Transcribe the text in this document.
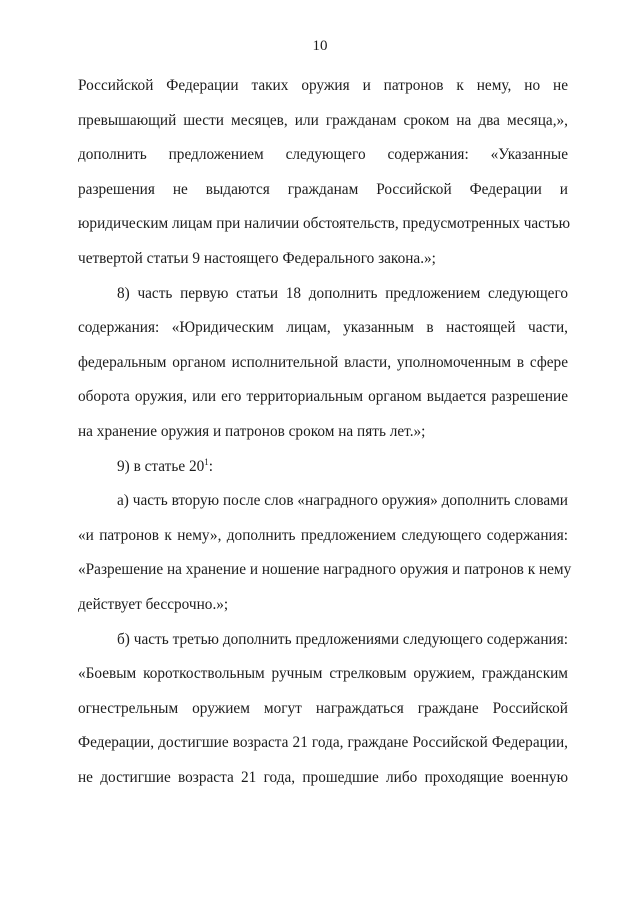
10
Российской Федерации таких оружия и патронов к нему, но не
превышающий шести месяцев, или гражданам сроком на два месяца,»,
дополнить предложением следующего содержания: «Указанные
разрешения не выдаются гражданам Российской Федерации и
юридическим лицам при наличии обстоятельств, предусмотренных частью
четвертой статьи 9 настоящего Федерального закона.»;
8) часть первую статьи 18 дополнить предложением следующего
содержания: «Юридическим лицам, указанным в настоящей части,
федеральным органом исполнительной власти, уполномоченным в сфере
оборота оружия, или его территориальным органом выдается разрешение
на хранение оружия и патронов сроком на пять лет.»;
9) в статье $20^1$:
а) часть вторую после слов «наградного оружия» дополнить словами
«и патронов к нему», дополнить предложением следующего содержания:
«Разрешение на хранение и ношение наградного оружия и патронов к нему
действует бессрочно.»;
б) часть третью дополнить предложениями следующего содержания:
«Боевым короткоствольным ручным стрелковым оружием, гражданским
огнестрельным оружием могут награждаться граждане Российской
Федерации, достигшие возраста 21 года, граждане Российской Федерации,
не достигшие возраста 21 года, прошедшие либо проходящие военную
